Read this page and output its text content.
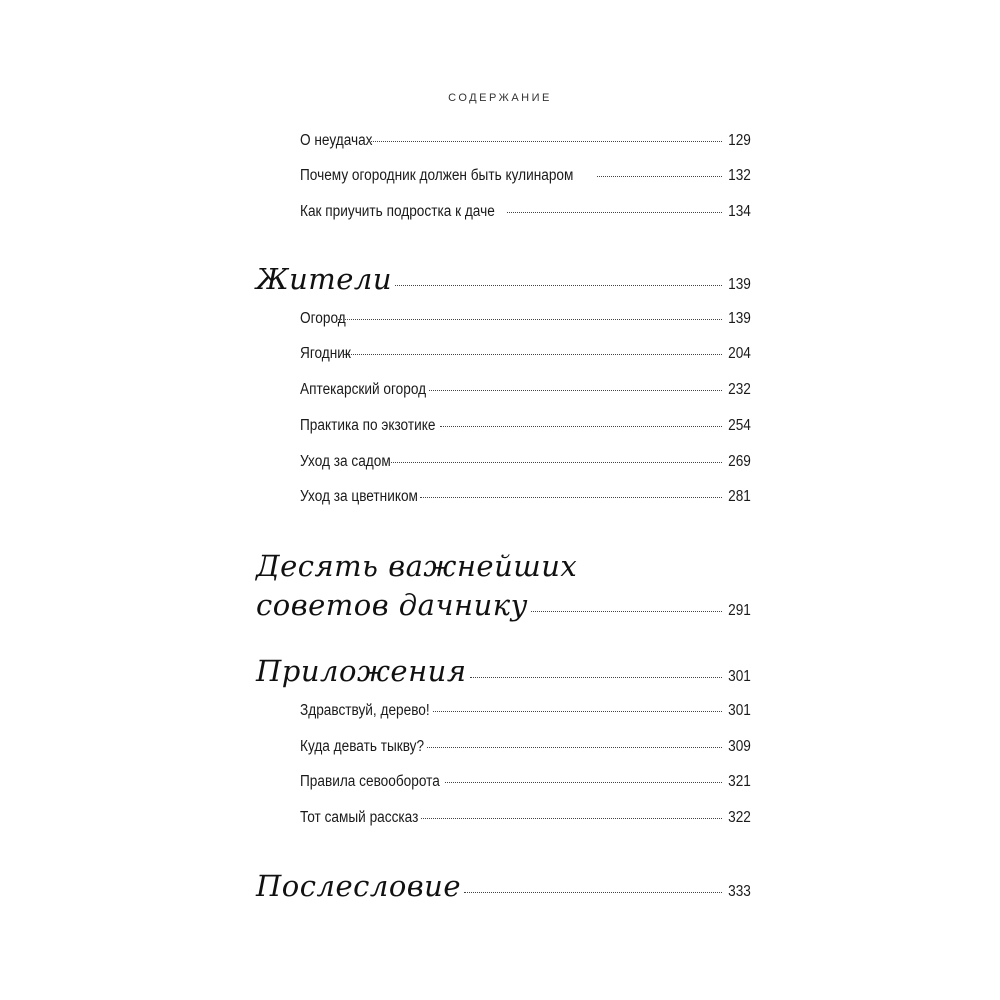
СОДЕРЖАНИЕ
О неудачах	129
Почему огородник должен быть кулинаром	132
Как приучить подростка к даче	134
Жители	139
Огород	139
Ягодник	204
Аптекарский огород	232
Практика по экзотике	254
Уход за садом	269
Уход за цветником	281
Десять важнейших
советов дачнику	291
Приложения	301
Здравствуй, дерево!	301
Куда девать тыкву?	309
Правила севооборота	321
Тот самый рассказ	322
Послесловие	333
